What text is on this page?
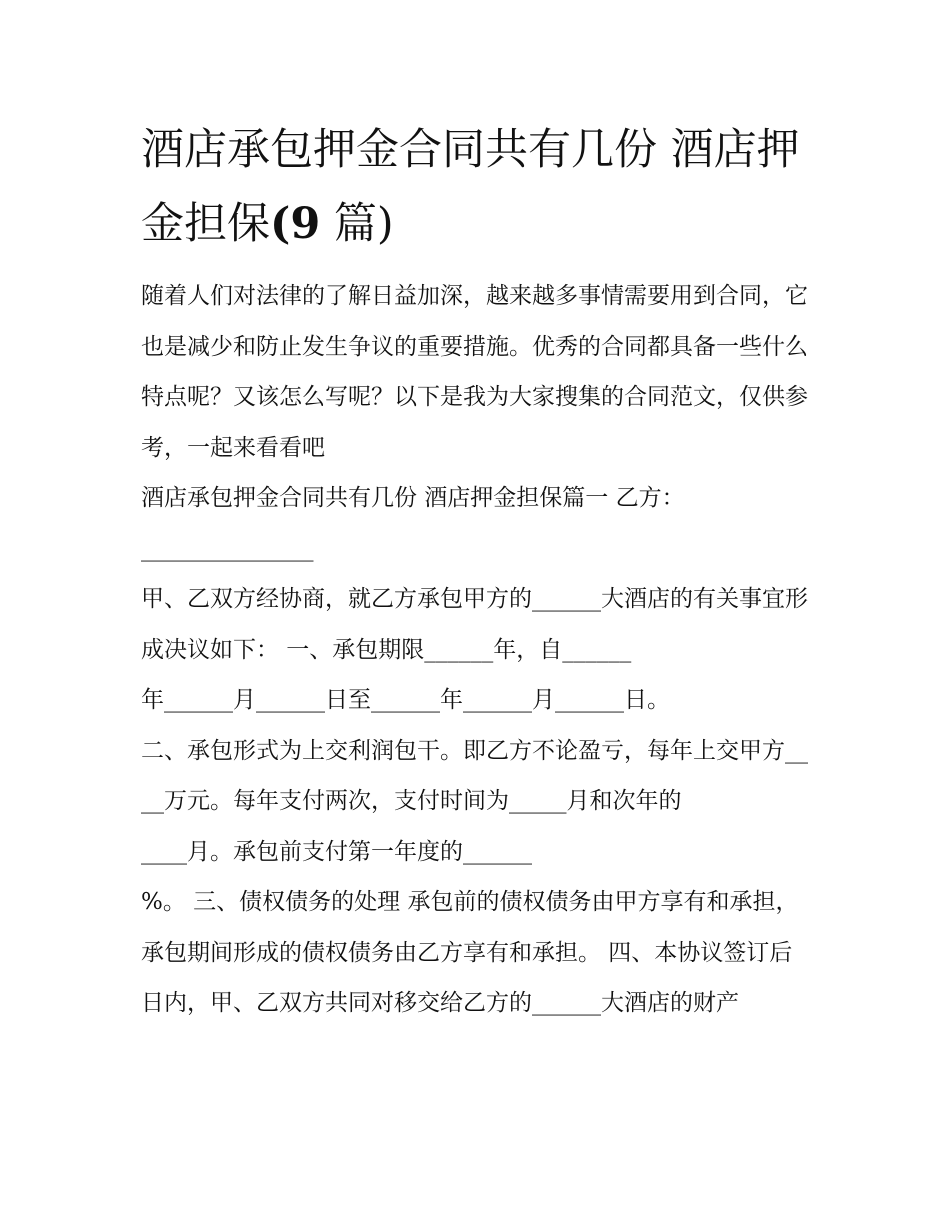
酒店承包押金合同共有几份 酒店押金担保(9 篇)

随着人们对法律的了解日益加深，越来越多事情需要用到合同，它也是减少和防止发生争议的重要措施。优秀的合同都具备一些什么特点呢？又该怎么写呢？以下是我为大家搜集的合同范文，仅供参考，一起来看看吧

酒店承包押金合同共有几份 酒店押金担保篇一 乙方：

_______________

甲、乙双方经协商，就乙方承包甲方的______大酒店的有关事宜形成决议如下： 一、承包期限______年，自______

年______月______日至______年______月______日。

二、承包形式为上交利润包干。即乙方不论盈亏，每年上交甲方____万元。每年支付两次，支付时间为_____月和次年的

____月。承包前支付第一年度的______

%。 三、债权债务的处理 承包前的债权债务由甲方享有和承担，承包期间形成的债权债务由乙方享有和承担。 四、本协议签订后

日内，甲、乙双方共同对移交给乙方的______大酒店的财产
